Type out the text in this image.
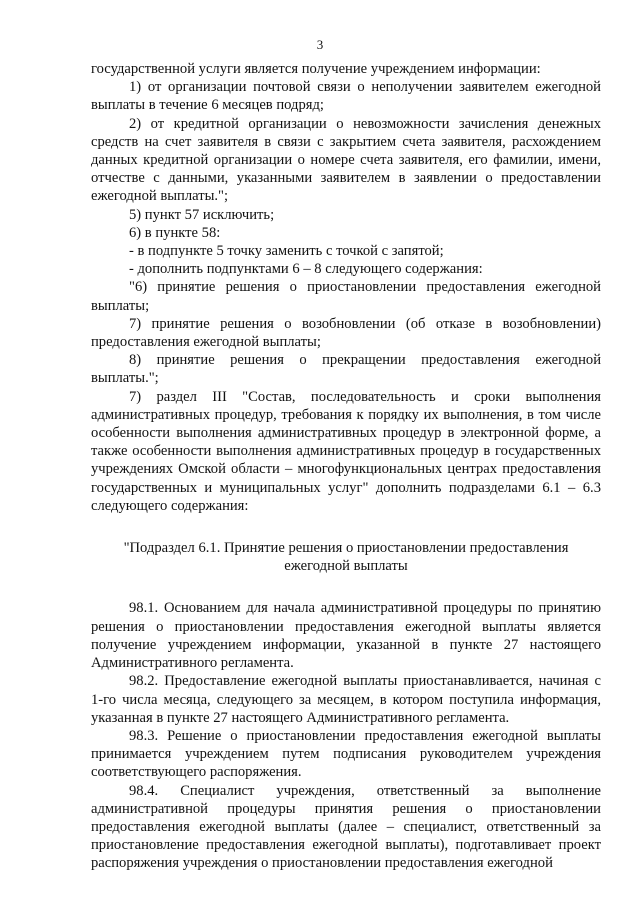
3

государственной услуги является получение учреждением информации:

1) от организации почтовой связи о неполучении заявителем ежегодной выплаты в течение 6 месяцев подряд;

2) от кредитной организации о невозможности зачисления денежных средств на счет заявителя в связи с закрытием счета заявителя, расхождением данных кредитной организации о номере счета заявителя, его фамилии, имени, отчестве с данными, указанными заявителем в заявлении о предоставлении ежегодной выплаты.";

5) пункт 57 исключить;

6) в пункте 58:

- в подпункте 5 точку заменить с точкой с запятой;

- дополнить подпунктами 6 – 8 следующего содержания:

"6) принятие решения о приостановлении предоставления ежегодной выплаты;

7) принятие решения о возобновлении (об отказе в возобновлении) предоставления ежегодной выплаты;

8) принятие решения о прекращении предоставления ежегодной выплаты.";

7) раздел III "Состав, последовательность и сроки выполнения административных процедур, требования к порядку их выполнения, в том числе особенности выполнения административных процедур в электронной форме, а также особенности выполнения административных процедур в государственных учреждениях Омской области – многофункциональных центрах предоставления государственных и муниципальных услуг" дополнить подразделами 6.1 – 6.3 следующего содержания:

"Подраздел 6.1. Принятие решения о приостановлении предоставления ежегодной выплаты

98.1. Основанием для начала административной процедуры по принятию решения о приостановлении предоставления ежегодной выплаты является получение учреждением информации, указанной в пункте 27 настоящего Административного регламента.

98.2. Предоставление ежегодной выплаты приостанавливается, начиная с 1-го числа месяца, следующего за месяцем, в котором поступила информация, указанная в пункте 27 настоящего Административного регламента.

98.3. Решение о приостановлении предоставления ежегодной выплаты принимается учреждением путем подписания руководителем учреждения соответствующего распоряжения.

98.4. Специалист учреждения, ответственный за выполнение административной процедуры принятия решения о приостановлении предоставления ежегодной выплаты (далее – специалист, ответственный за приостановление предоставления ежегодной выплаты), подготавливает проект распоряжения учреждения о приостановлении предоставления ежегодной
